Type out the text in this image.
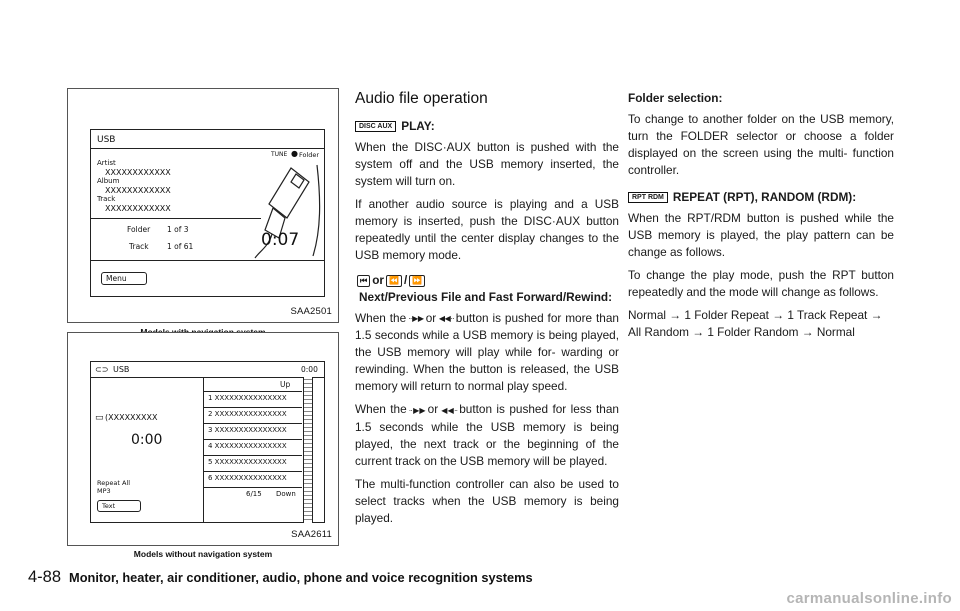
USB
TUNE ● Folder
Artist
XXXXXXXXXXXX
Album
XXXXXXXXXXXX
Track
XXXXXXXXXXXX
Folder 1 of 3
Track 1 of 61	0:07
Menu
SAA2501
⊂⊃ USB	0:00
▭ (XXXXXXXXX
0:00
Repeat All
MP3
Text
Up
1 XXXXXXXXXXXXXXX
2 XXXXXXXXXXXXXXX
3 XXXXXXXXXXXXXXX
4 XXXXXXXXXXXXXXX
5 XXXXXXXXXXXXXXX
6 XXXXXXXXXXXXXXX
6/15 Down
SAA2611
Models without navigation system
Audio file operation
DISC AUX PLAY:

When the DISC·AUX button is pushed with the system off and the USB memory inserted, the system will turn on.

If another audio source is playing and a USB memory is inserted, push the DISC·AUX button repeatedly until the center display changes to the USB memory mode.

⏮ or ⏪ / ⏩
Next/Previous File and Fast Forward/Rewind:

When the ··▶▶ or ◀◀·· button is pushed for more than 1.5 seconds while a USB memory is being played, the USB memory will play while for- warding or rewinding. When the button is released, the USB memory will return to normal play speed.

When the ··▶▶ or ◀◀·· button is pushed for less than 1.5 seconds while the USB memory is being played, the next track or the beginning of the current track on the USB memory will be played.

The multi-function controller can also be used to select tracks when the USB memory is being played.

Folder selection:

To change to another folder on the USB memory, turn the FOLDER selector or choose a folder displayed on the screen using the multi- function controller.

RPT RDM REPEAT (RPT), RANDOM (RDM):

When the RPT/RDM button is pushed while the USB memory is played, the play pattern can be change as follows.

To change the play mode, push the RPT button repeatedly and the mode will change as follows.

Normal → 1 Folder Repeat → 1 Track Repeat → All Random → 1 Folder Random → Normal

4-88 Monitor, heater, air conditioner, audio, phone and voice recognition systems
carmanualsonline.info
